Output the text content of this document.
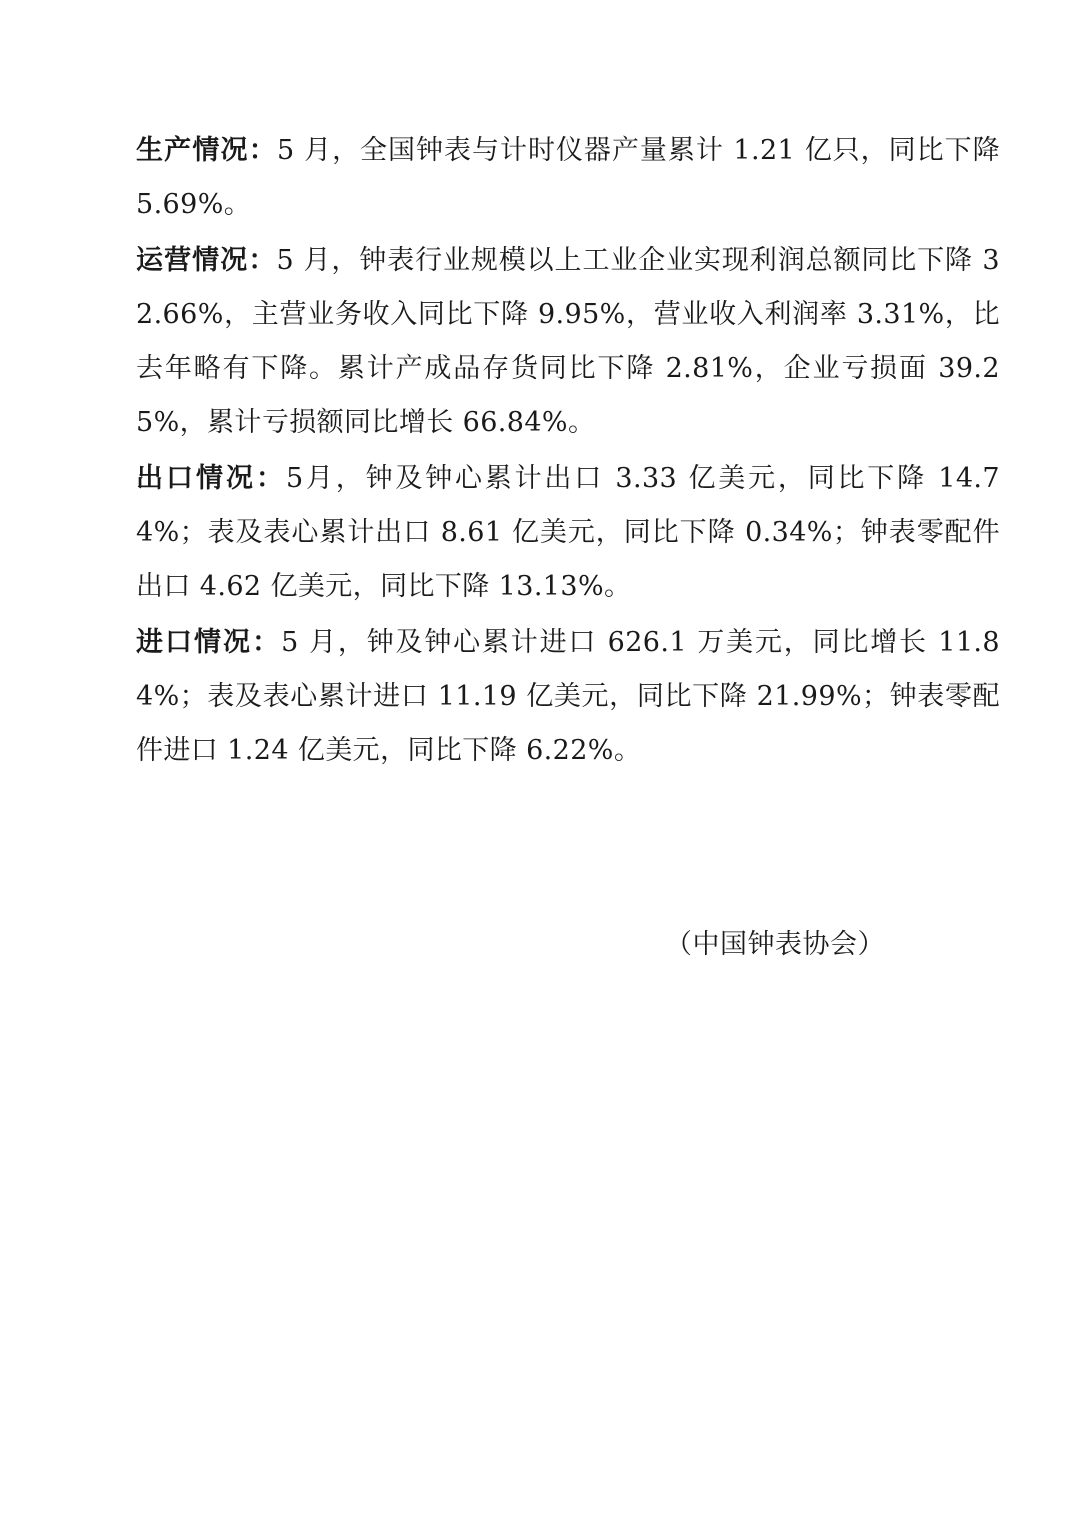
生产情况：5 月，全国钟表与计时仪器产量累计 1.21 亿只，同比下降 5.69%。

运营情况：5 月，钟表行业规模以上工业企业实现利润总额同比下降 32.66%，主营业务收入同比下降 9.95%，营业收入利润率 3.31%，比去年略有下降。累计产成品存货同比下降 2.81%，企业亏损面 39.25%，累计亏损额同比增长 66.84%。

出口情况：5月，钟及钟心累计出口 3.33 亿美元，同比下降 14.74%；表及表心累计出口 8.61 亿美元，同比下降 0.34%；钟表零配件出口 4.62 亿美元，同比下降 13.13%。

进口情况：5 月，钟及钟心累计进口 626.1 万美元，同比增长 11.84%；表及表心累计进口 11.19 亿美元，同比下降 21.99%；钟表零配件进口 1.24 亿美元，同比下降 6.22%。

（中国钟表协会）
